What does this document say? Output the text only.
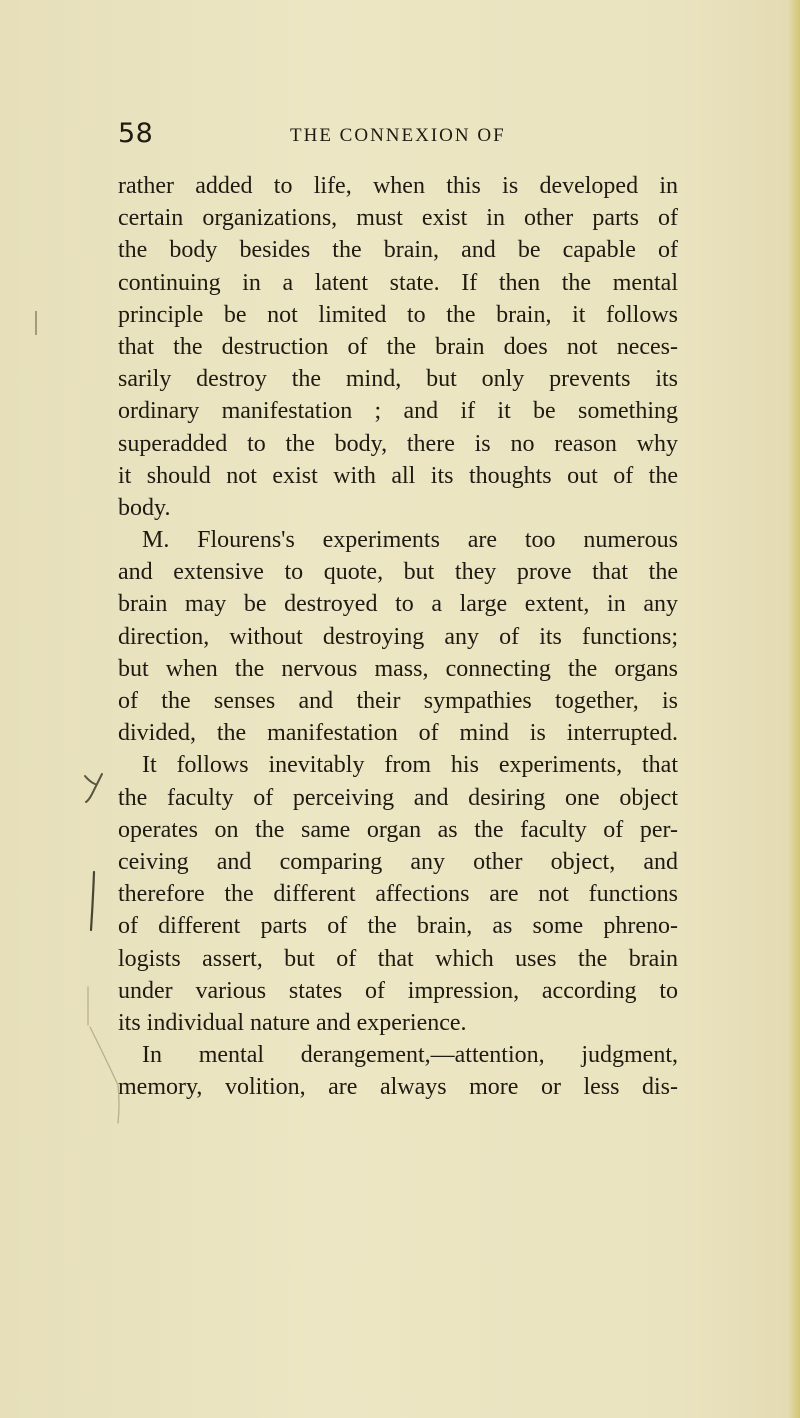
58	THE CONNEXION OF
rather added to life, when this is developed in
certain organizations, must exist in other parts of
the body besides the brain, and be capable of
continuing in a latent state. If then the mental
principle be not limited to the brain, it follows
that the destruction of the brain does not neces-
sarily destroy the mind, but only prevents its
ordinary manifestation ; and if it be something
superadded to the body, there is no reason why
it should not exist with all its thoughts out of the
body.
M. Flourens's experiments are too numerous
and extensive to quote, but they prove that the
brain may be destroyed to a large extent, in any
direction, without destroying any of its functions;
but when the nervous mass, connecting the organs
of the senses and their sympathies together, is
divided, the manifestation of mind is interrupted.
It follows inevitably from his experiments, that
the faculty of perceiving and desiring one object
operates on the same organ as the faculty of per-
ceiving and comparing any other object, and
therefore the different affections are not functions
of different parts of the brain, as some phreno-
logists assert, but of that which uses the brain
under various states of impression, according to
its individual nature and experience.
In mental derangement,—attention, judgment,
memory, volition, are always more or less dis-
